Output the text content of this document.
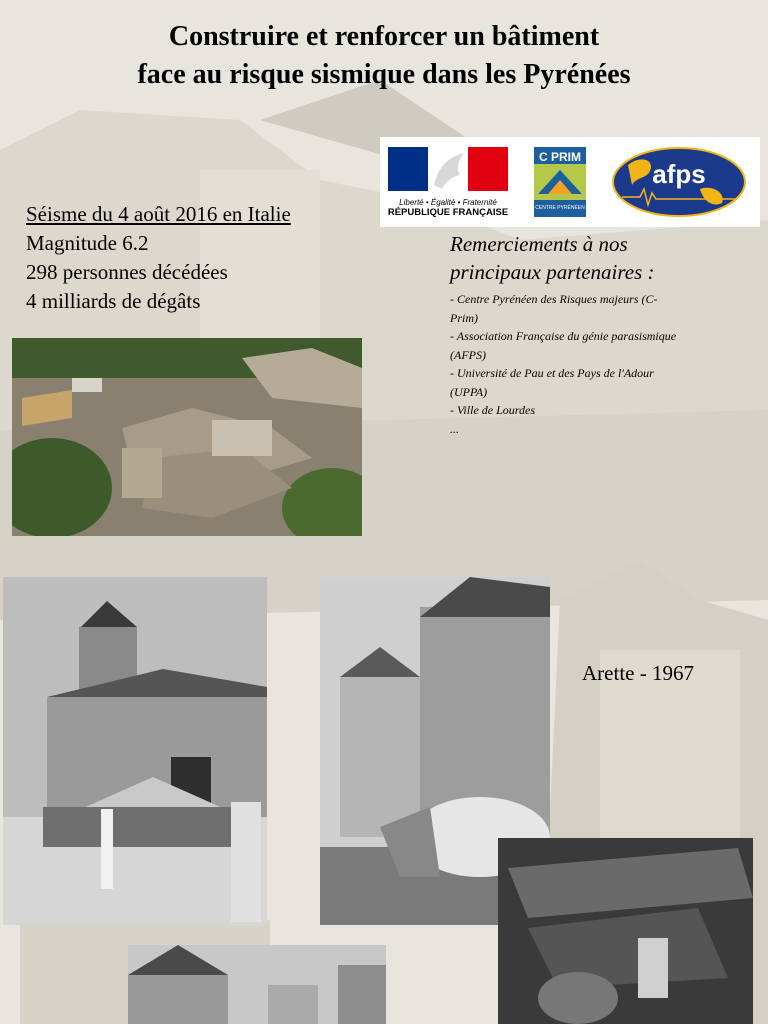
Construire et renforcer un bâtiment
face au risque sismique dans les Pyrénées
Liberté • Égalité • Fraternité
RÉPUBLIQUE FRANÇAISE
C PRIM
CENTRE PYRÉNÉEN
afps
Séisme du 4 août 2016 en Italie
Magnitude 6.2
298 personnes décédées
4 milliards de dégâts
Remerciements à nos
principaux partenaires :
- Centre Pyrénéen des Risques majeurs (C-
Prim)
- Association Française du génie parasismique
(AFPS)
- Université de Pau et des Pays de l'Adour
(UPPA)
- Ville de Lourdes
...
Arette - 1967
